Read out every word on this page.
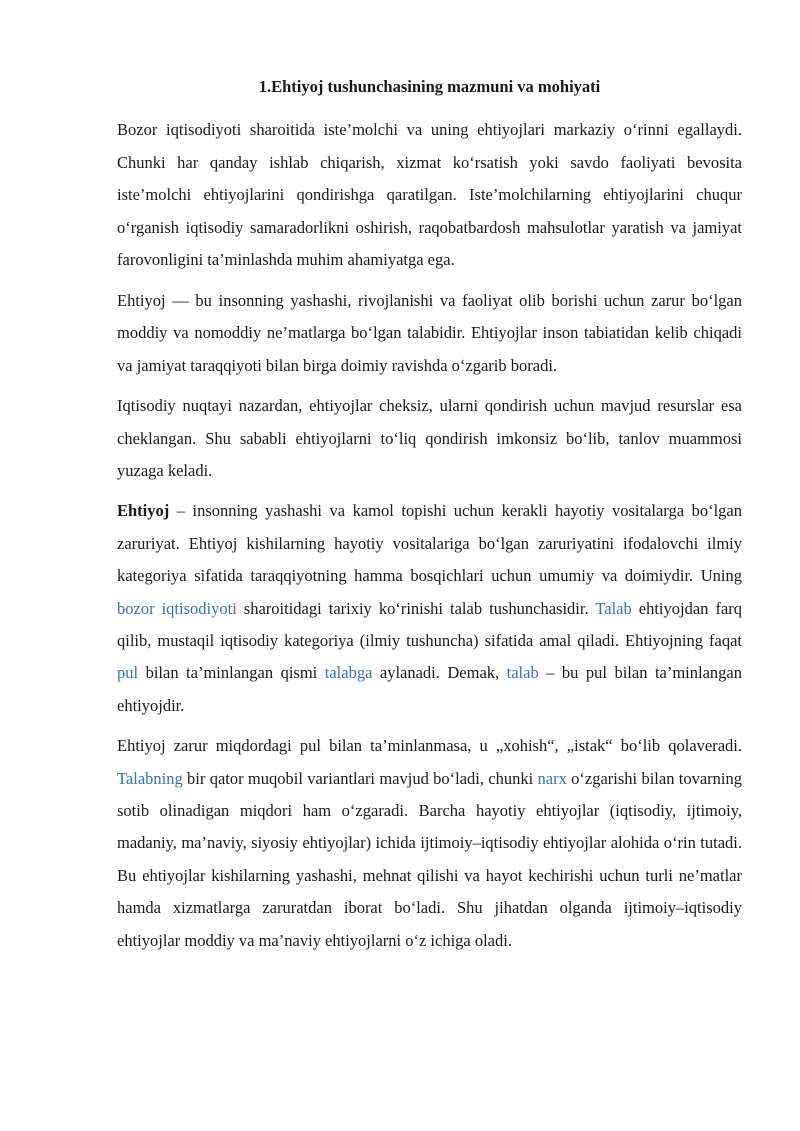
1.Ehtiyoj tushunchasining mazmuni va mohiyati

Bozor iqtisodiyoti sharoitida iste’molchi va uning ehtiyojlari markaziy o‘rinni egallaydi. Chunki har qanday ishlab chiqarish, xizmat ko‘rsatish yoki savdo faoliyati bevosita iste’molchi ehtiyojlarini qondirishga qaratilgan. Iste’molchilarning ehtiyojlarini chuqur o‘rganish iqtisodiy samaradorlikni oshirish, raqobatbardosh mahsulotlar yaratish va jamiyat farovonligini ta’minlashda muhim ahamiyatga ega.

Ehtiyoj — bu insonning yashashi, rivojlanishi va faoliyat olib borishi uchun zarur bo‘lgan moddiy va nomoddiy ne’matlarga bo‘lgan talabidir. Ehtiyojlar inson tabiatidan kelib chiqadi va jamiyat taraqqiyoti bilan birga doimiy ravishda o‘zgarib boradi.

Iqtisodiy nuqtayi nazardan, ehtiyojlar cheksiz, ularni qondirish uchun mavjud resurslar esa cheklangan. Shu sababli ehtiyojlarni to‘liq qondirish imkonsiz bo‘lib, tanlov muammosi yuzaga keladi.

Ehtiyoj – insonning yashashi va kamol topishi uchun kerakli hayotiy vositalarga bo‘lgan zaruriyat. Ehtiyoj kishilarning hayotiy vositalariga bo‘lgan zaruriyatini ifodalovchi ilmiy kategoriya sifatida taraqqiyotning hamma bosqichlari uchun umumiy va doimiydir. Uning bozor iqtisodiyoti sharoitidagi tarixiy ko‘rinishi talab tushunchasidir. Talab ehtiyojdan farq qilib, mustaqil iqtisodiy kategoriya (ilmiy tushuncha) sifatida amal qiladi. Ehtiyojning faqat pul bilan ta’minlangan qismi talabga aylanadi. Demak, talab – bu pul bilan ta’minlangan ehtiyojdir.

Ehtiyoj zarur miqdordagi pul bilan ta’minlanmasa, u „xohish“, „istak“ bo‘lib qolaveradi. Talabning bir qator muqobil variantlari mavjud bo‘ladi, chunki narx o‘zgarishi bilan tovarning sotib olinadigan miqdori ham o‘zgaradi. Barcha hayotiy ehtiyojlar (iqtisodiy, ijtimoiy, madaniy, ma’naviy, siyosiy ehtiyojlar) ichida ijtimoiy–iqtisodiy ehtiyojlar alohida o‘rin tutadi. Bu ehtiyojlar kishilarning yashashi, mehnat qilishi va hayot kechirishi uchun turli ne’matlar hamda xizmatlarga zaruratdan iborat bo‘ladi. Shu jihatdan olganda ijtimoiy–iqtisodiy ehtiyojlar moddiy va ma’naviy ehtiyojlarni o‘z ichiga oladi.
